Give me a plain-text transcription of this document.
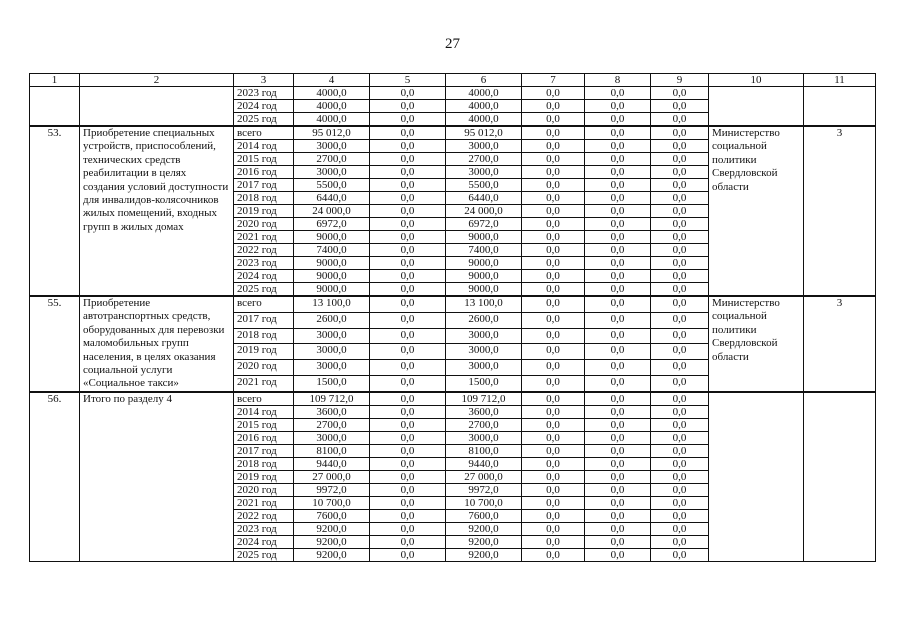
27
1	2	3	4	5	6	7	8	9	10	11
		2023 год	4000,0	0,0	4000,0	0,0	0,0	0,0		
		2024 год	4000,0	0,0	4000,0	0,0	0,0	0,0		
		2025 год	4000,0	0,0	4000,0	0,0	0,0	0,0		
53.	Приобретение специальных устройств, приспособлений, технических средств реабилитации в целях создания условий доступности для инвалидов-колясочников жилых помещений, входных групп в жилых домах	всего	95 012,0	0,0	95 012,0	0,0	0,0	0,0	Министерство социальной политики Свердловской области	3
		2014 год	3000,0	0,0	3000,0	0,0	0,0	0,0		
		2015 год	2700,0	0,0	2700,0	0,0	0,0	0,0		
		2016 год	3000,0	0,0	3000,0	0,0	0,0	0,0		
		2017 год	5500,0	0,0	5500,0	0,0	0,0	0,0		
		2018 год	6440,0	0,0	6440,0	0,0	0,0	0,0		
		2019 год	24 000,0	0,0	24 000,0	0,0	0,0	0,0		
		2020 год	6972,0	0,0	6972,0	0,0	0,0	0,0		
		2021 год	9000,0	0,0	9000,0	0,0	0,0	0,0		
		2022 год	7400,0	0,0	7400,0	0,0	0,0	0,0		
		2023 год	9000,0	0,0	9000,0	0,0	0,0	0,0		
		2024 год	9000,0	0,0	9000,0	0,0	0,0	0,0		
		2025 год	9000,0	0,0	9000,0	0,0	0,0	0,0		
55.	Приобретение автотранспортных средств, оборудованных для перевозки маломобильных групп населения, в целях оказания социальной услуги «Социальное такси»	всего	13 100,0	0,0	13 100,0	0,0	0,0	0,0	Министерство социальной политики Свердловской области	3
		2017 год	2600,0	0,0	2600,0	0,0	0,0	0,0		
		2018 год	3000,0	0,0	3000,0	0,0	0,0	0,0		
		2019 год	3000,0	0,0	3000,0	0,0	0,0	0,0		
		2020 год	3000,0	0,0	3000,0	0,0	0,0	0,0		
		2021 год	1500,0	0,0	1500,0	0,0	0,0	0,0		
56.	Итого по разделу 4	всего	109 712,0	0,0	109 712,0	0,0	0,0	0,0		
		2014 год	3600,0	0,0	3600,0	0,0	0,0	0,0		
		2015 год	2700,0	0,0	2700,0	0,0	0,0	0,0		
		2016 год	3000,0	0,0	3000,0	0,0	0,0	0,0		
		2017 год	8100,0	0,0	8100,0	0,0	0,0	0,0		
		2018 год	9440,0	0,0	9440,0	0,0	0,0	0,0		
		2019 год	27 000,0	0,0	27 000,0	0,0	0,0	0,0		
		2020 год	9972,0	0,0	9972,0	0,0	0,0	0,0		
		2021 год	10 700,0	0,0	10 700,0	0,0	0,0	0,0		
		2022 год	7600,0	0,0	7600,0	0,0	0,0	0,0		
		2023 год	9200,0	0,0	9200,0	0,0	0,0	0,0		
		2024 год	9200,0	0,0	9200,0	0,0	0,0	0,0		
		2025 год	9200,0	0,0	9200,0	0,0	0,0	0,0		
